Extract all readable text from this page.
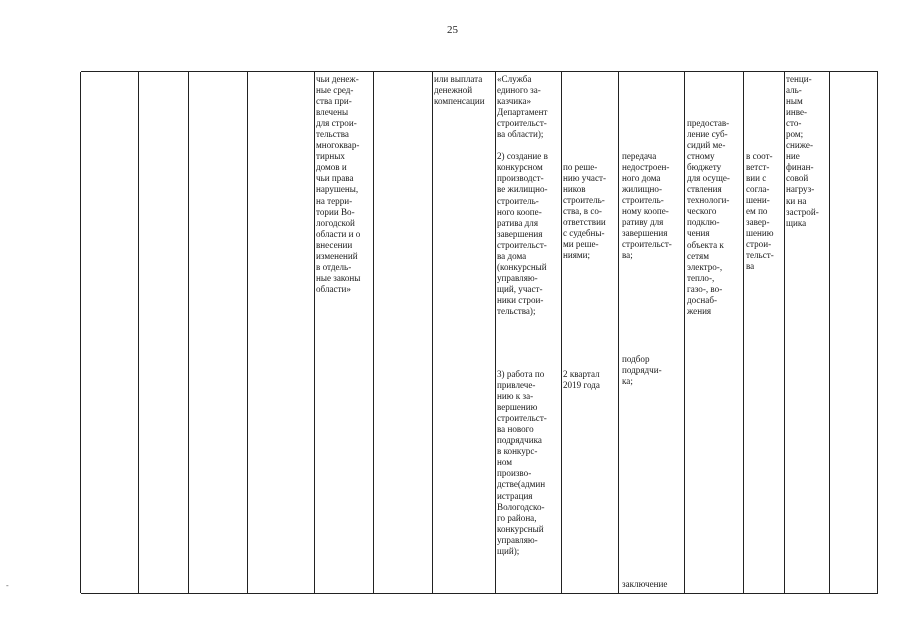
25
-
чьи денеж-
ные сред-
ства при-
влечены
для строи-
тельства
многоквар-
тирных
домов и
чьи права
нарушены,
на терри-
тории Во-
логодской
области и о
внесении
изменений
в отдель-
ные законы
области»
или выплата
денежной
компенсации
«Служба
единого за-
казчика»
Департамент
строительст-
ва области);

2) создание в
конкурсном
производст-
ве жилищно-
строитель-
ного коопе-
ратива для
завершения
строительст-
ва дома
(конкурсный
управляю-
щий, участ-
ники строи-
тельства);
3) работа по
привлече-
нию к за-
вершению
строительст-
ва нового
подрядчика
в конкурс-
ном
произво-
дстве(админ
истрация
Вологодско-
го района,
конкурсный
управляю-
щий);
по реше-
нию участ-
ников
строитель-
ства, в со-
ответствии
с судебны-
ми реше-
ниями;
2 квартал
2019 года
передача
недостроен-
ного дома
жилищно-
строитель-
ному коопе-
ративу для
завершения
строительст-
ва;
подбор
подрядчи-
ка;
заключение
предостав-
ление суб-
сидий ме-
стному
бюджету
для осуще-
ствления
технологи-
ческого
подклю-
чения
объекта к
сетям
электро-,
тепло-,
газо-, во-
доснаб-
жения
в соот-
ветст-
вии с
согла-
шени-
ем по
завер-
шению
строи-
тельст-
ва
тенци-
аль-
ным
инве-
сто-
ром;
сниже-
ние
финан-
совой
нагруз-
ки на
застрой-
щика
